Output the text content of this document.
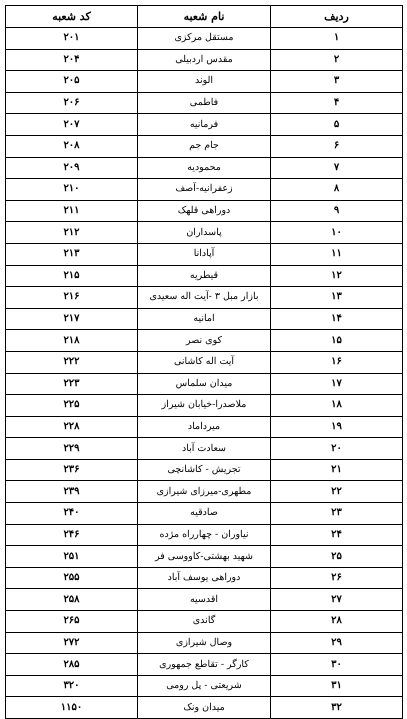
ردیف	نام شعبه	کد شعبه
۱	مستقل مرکزی	۲۰۱
۲	مقدس اردبیلی	۲۰۴
۳	الوند	۲۰۵
۴	فاطمی	۲۰۶
۵	فرمانیه	۲۰۷
۶	جام جم	۲۰۸
۷	محمودیه	۲۰۹
۸	زعفرانیه-آصف	۲۱۰
۹	دوراهی قلهک	۲۱۱
۱۰	پاسداران	۲۱۲
۱۱	آپادانا	۲۱۳
۱۲	قیطریه	۲۱۵
۱۳	بازار مبل ۳ -آیت اله سعیدی	۲۱۶
۱۴	امانیه	۲۱۷
۱۵	کوی نصر	۲۱۸
۱۶	آیت اله کاشانی	۲۲۲
۱۷	میدان سلماس	۲۲۳
۱۸	ملاصدرا-خیابان شیراز	۲۲۵
۱۹	میرداماد	۲۲۸
۲۰	سعادت آباد	۲۲۹
۲۱	تجریش - کاشانچی	۲۳۶
۲۲	مطهری-میرزای شیرازی	۲۳۹
۲۳	صادقیه	۲۴۰
۲۴	نیاوران - چهارراه مژده	۲۴۶
۲۵	شهید بهشتی-کاووسی فر	۲۵۱
۲۶	دوراهی یوسف آباد	۲۵۵
۲۷	اقدسیه	۲۵۸
۲۸	گاندی	۲۶۵
۲۹	وصال شیرازی	۲۷۲
۳۰	کارگر - تقاطع جمهوری	۲۸۵
۳۱	شریعتی - پل رومی	۳۲۰
۳۲	میدان ونک	۱۱۵۰
